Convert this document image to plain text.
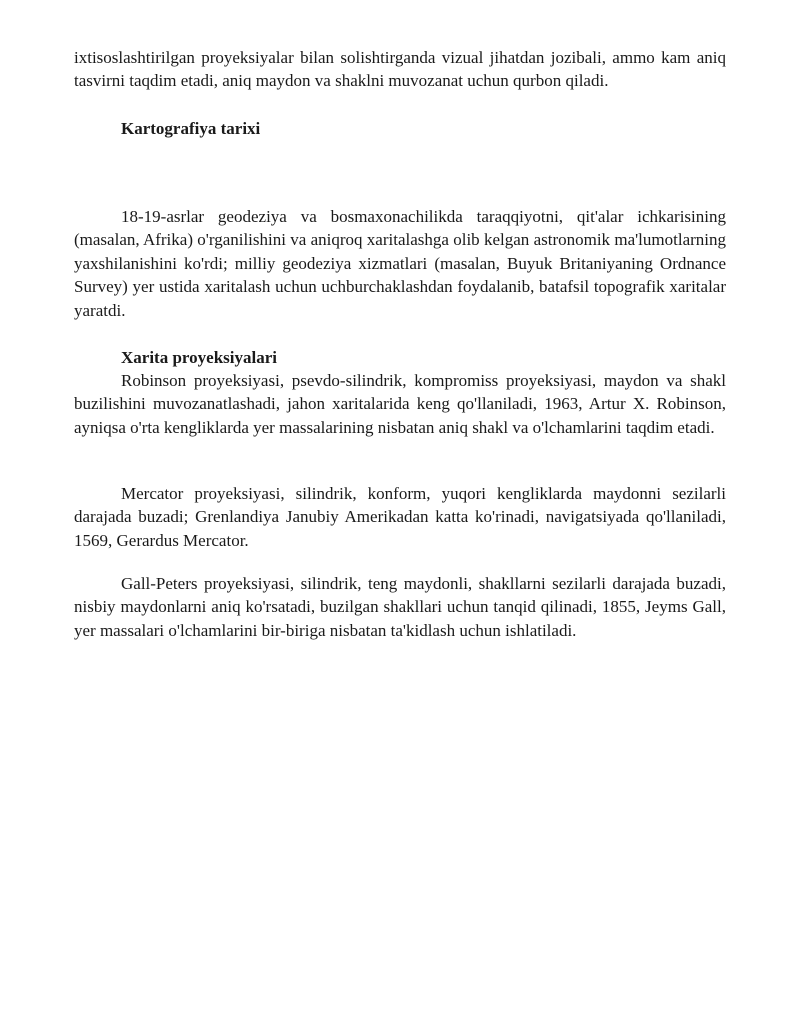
ixtisoslashtirilgan proyeksiyalar bilan solishtirganda vizual jihatdan jozibali, ammo kam aniq tasvirni taqdim etadi, aniq maydon va shaklni muvozanat uchun qurbon qiladi.

Kartografiya tarixi

18-19-asrlar geodeziya va bosmaxonachilikda taraqqiyotni, qit'alar ichkarisining (masalan, Afrika) o'rganilishini va aniqroq xaritalashga olib kelgan astronomik ma'lumotlarning yaxshilanishini ko'rdi; milliy geodeziya xizmatlari (masalan, Buyuk Britaniyaning Ordnance Survey) yer ustida xaritalash uchun uchburchaklashdan foydalanib, batafsil topografik xaritalar yaratdi.

Xarita proyeksiyalari

Robinson proyeksiyasi, psevdo-silindrik, kompromiss proyeksiyasi, maydon va shakl buzilishini muvozanatlashadi, jahon xaritalarida keng qo'llaniladi, 1963, Artur X. Robinson, ayniqsa o'rta kengliklarda yer massalarining nisbatan aniq shakl va o'lchamlarini taqdim etadi.

Mercator proyeksiyasi, silindrik, konform, yuqori kengliklarda maydonni sezilarli darajada buzadi; Grenlandiya Janubiy Amerikadan katta ko'rinadi, navigatsiyada qo'llaniladi, 1569, Gerardus Mercator.

Gall-Peters proyeksiyasi, silindrik, teng maydonli, shakllarni sezilarli darajada buzadi, nisbiy maydonlarni aniq ko'rsatadi, buzilgan shakllari uchun tanqid qilinadi, 1855, Jeyms Gall, yer massalari o'lchamlarini bir-biriga nisbatan ta'kidlash uchun ishlatiladi.
